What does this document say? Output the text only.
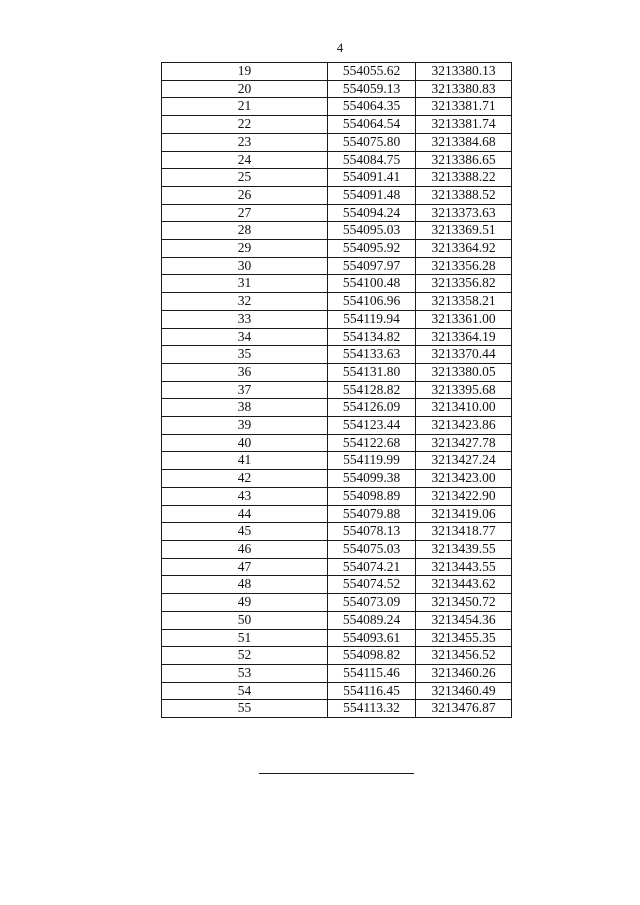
4
19	554055.62	3213380.13
20	554059.13	3213380.83
21	554064.35	3213381.71
22	554064.54	3213381.74
23	554075.80	3213384.68
24	554084.75	3213386.65
25	554091.41	3213388.22
26	554091.48	3213388.52
27	554094.24	3213373.63
28	554095.03	3213369.51
29	554095.92	3213364.92
30	554097.97	3213356.28
31	554100.48	3213356.82
32	554106.96	3213358.21
33	554119.94	3213361.00
34	554134.82	3213364.19
35	554133.63	3213370.44
36	554131.80	3213380.05
37	554128.82	3213395.68
38	554126.09	3213410.00
39	554123.44	3213423.86
40	554122.68	3213427.78
41	554119.99	3213427.24
42	554099.38	3213423.00
43	554098.89	3213422.90
44	554079.88	3213419.06
45	554078.13	3213418.77
46	554075.03	3213439.55
47	554074.21	3213443.55
48	554074.52	3213443.62
49	554073.09	3213450.72
50	554089.24	3213454.36
51	554093.61	3213455.35
52	554098.82	3213456.52
53	554115.46	3213460.26
54	554116.45	3213460.49
55	554113.32	3213476.87
